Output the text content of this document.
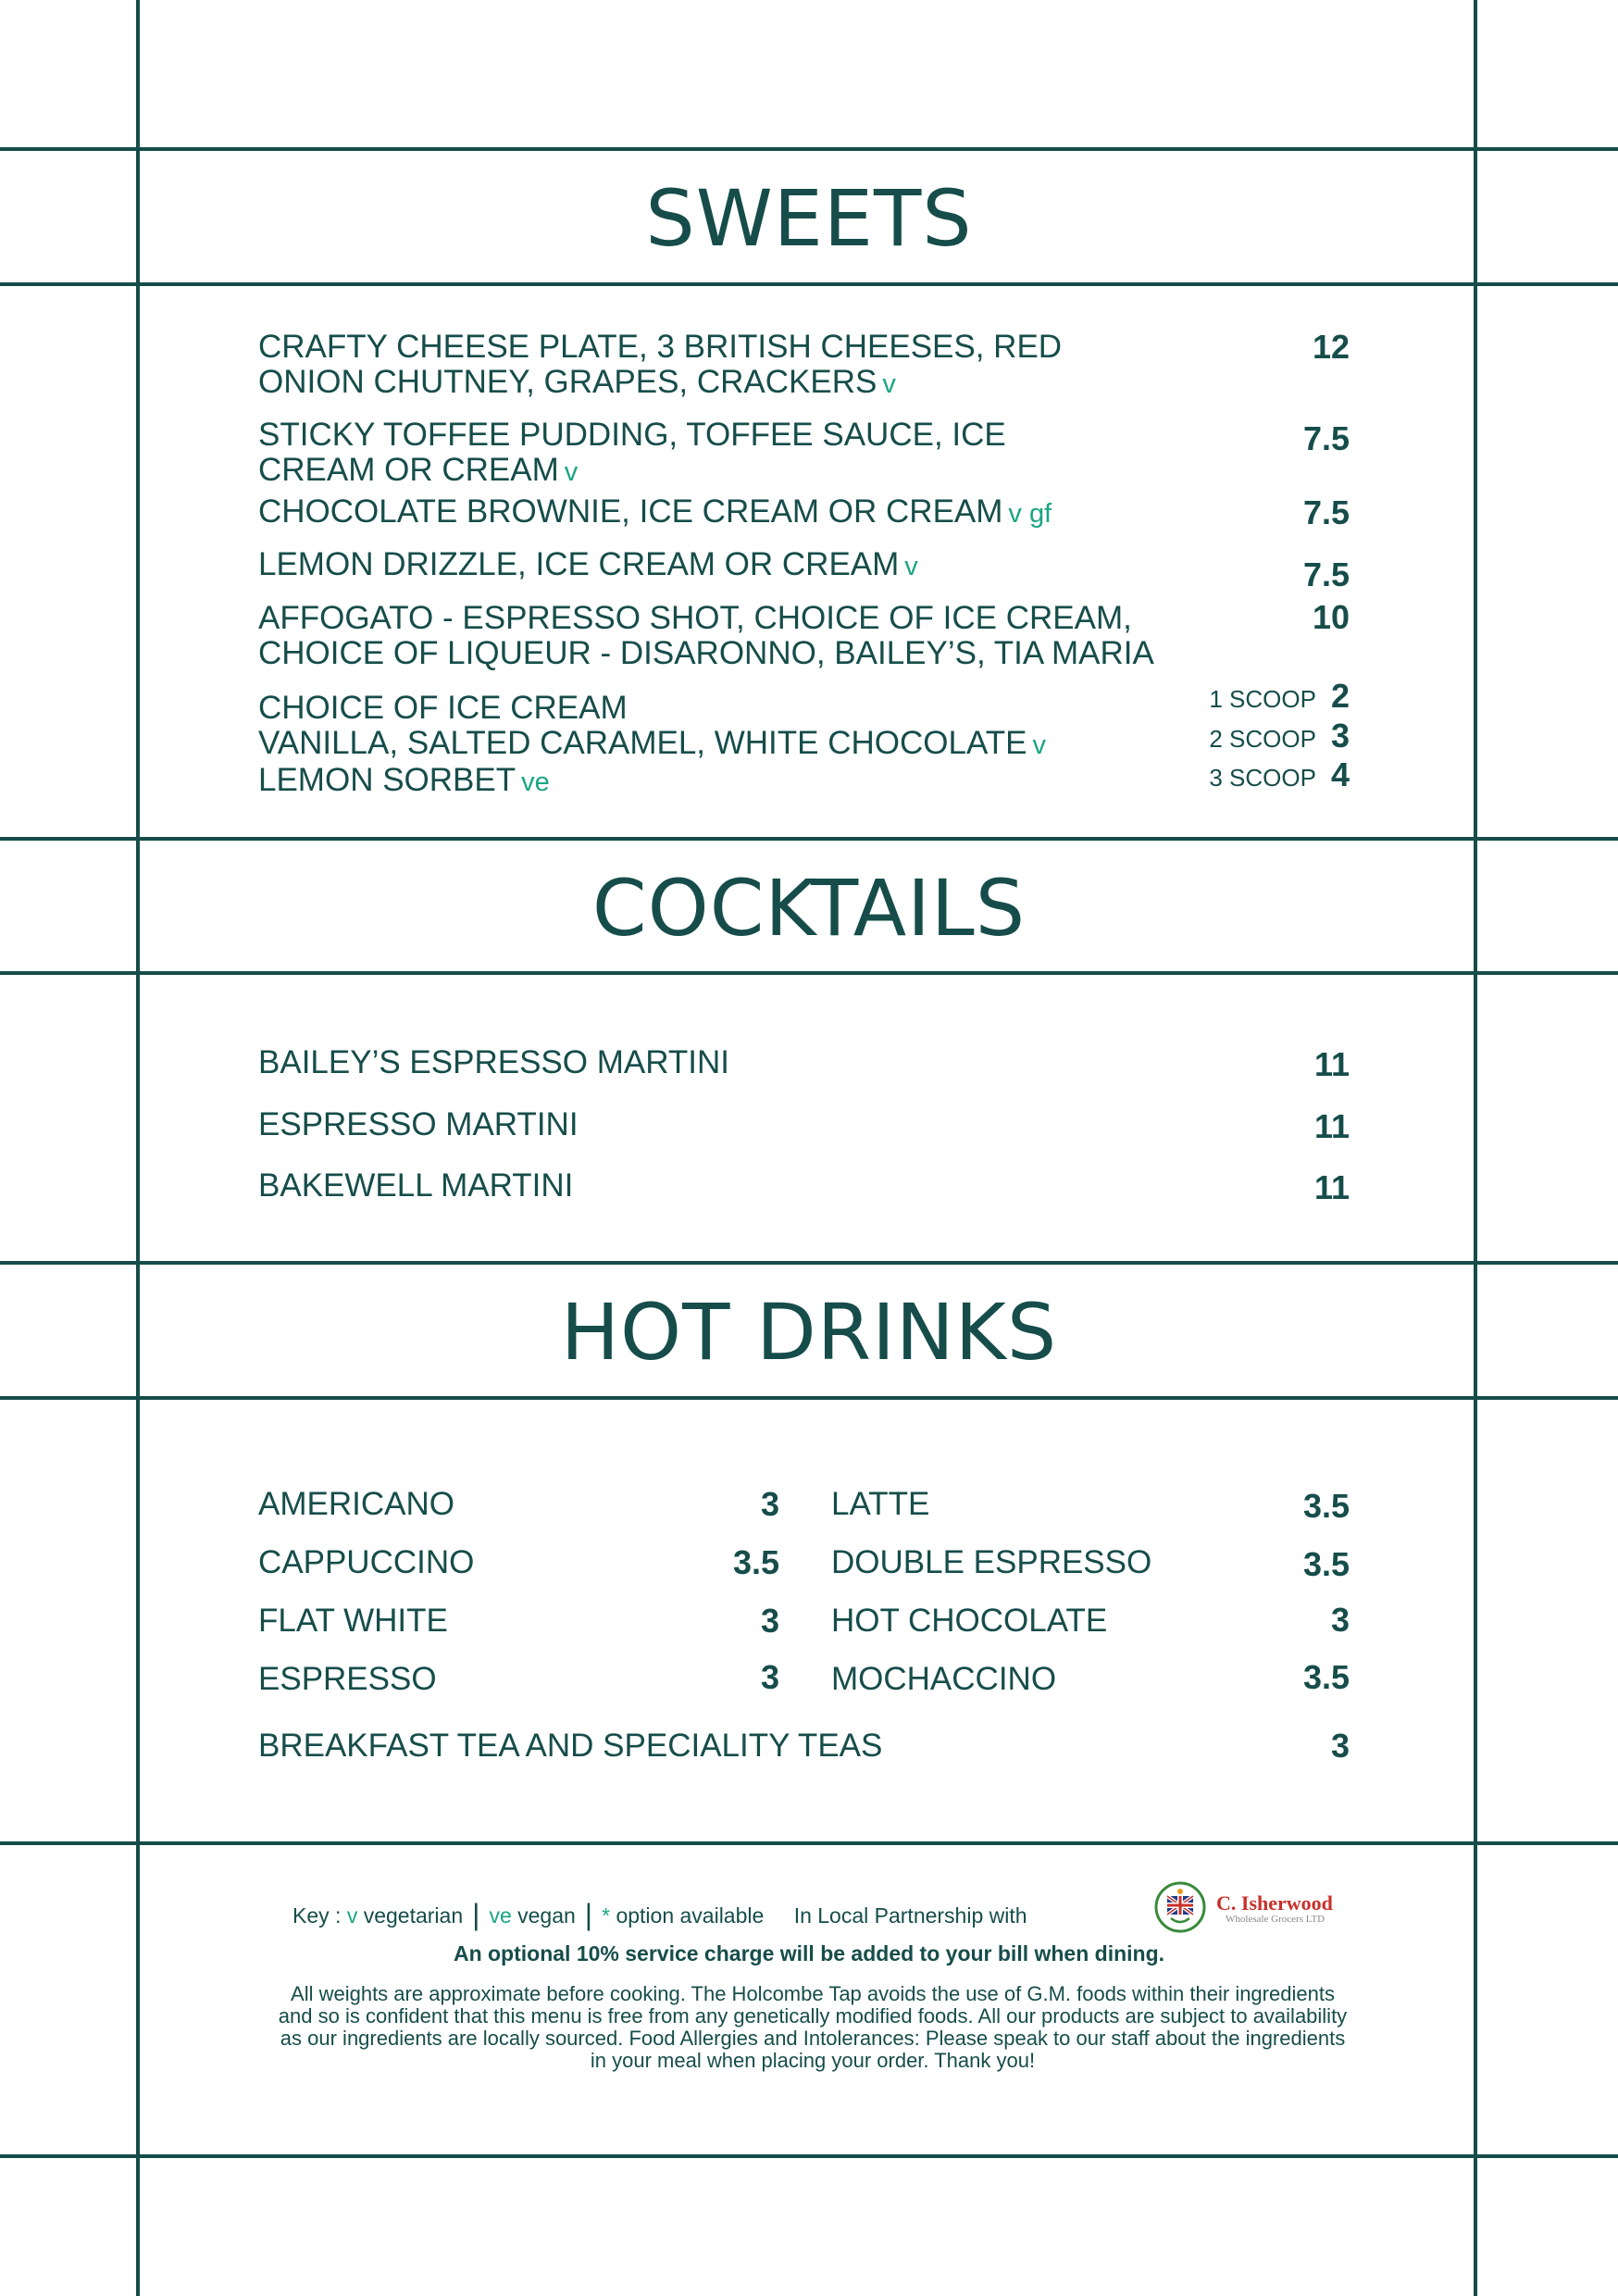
SWEETS
CRAFTY CHEESE PLATE, 3 BRITISH CHEESES, RED
ONION CHUTNEY, GRAPES, CRACKERS v
12
STICKY TOFFEE PUDDING, TOFFEE SAUCE, ICE
CREAM OR CREAM v
7.5
CHOCOLATE BROWNIE, ICE CREAM OR CREAM v gf	7.5
LEMON DRIZZLE, ICE CREAM OR CREAM v	7.5
AFFOGATO - ESPRESSO SHOT, CHOICE OF ICE CREAM,
CHOICE OF LIQUEUR - DISARONNO, BAILEY’S, TIA MARIA
10
CHOICE OF ICE CREAM
VANILLA, SALTED CARAMEL, WHITE CHOCOLATE v
LEMON SORBET ve
1 SCOOP 2
2 SCOOP 3
3 SCOOP 4
COCKTAILS
BAILEY’S ESPRESSO MARTINI	11
ESPRESSO MARTINI	11
BAKEWELL MARTINI	11
HOT DRINKS
AMERICANO	3
CAPPUCCINO	3.5
FLAT WHITE	3
ESPRESSO	3
LATTE	3.5
DOUBLE ESPRESSO	3.5
HOT CHOCOLATE	3
MOCHACCINO	3.5
BREAKFAST TEA AND SPECIALITY TEAS	3
Key : v vegetarian | ve vegan | * option available In Local Partnership with
C. Isherwood
Wholesale Grocers LTD
An optional 10% service charge will be added to your bill when dining.
All weights are approximate before cooking. The Holcombe Tap avoids the use of G.M. foods within their ingredients and so is confident that this menu is free from any genetically modified foods. All our products are subject to availability as our ingredients are locally sourced. Food Allergies and Intolerances: Please speak to our staff about the ingredients in your meal when placing your order. Thank you!
